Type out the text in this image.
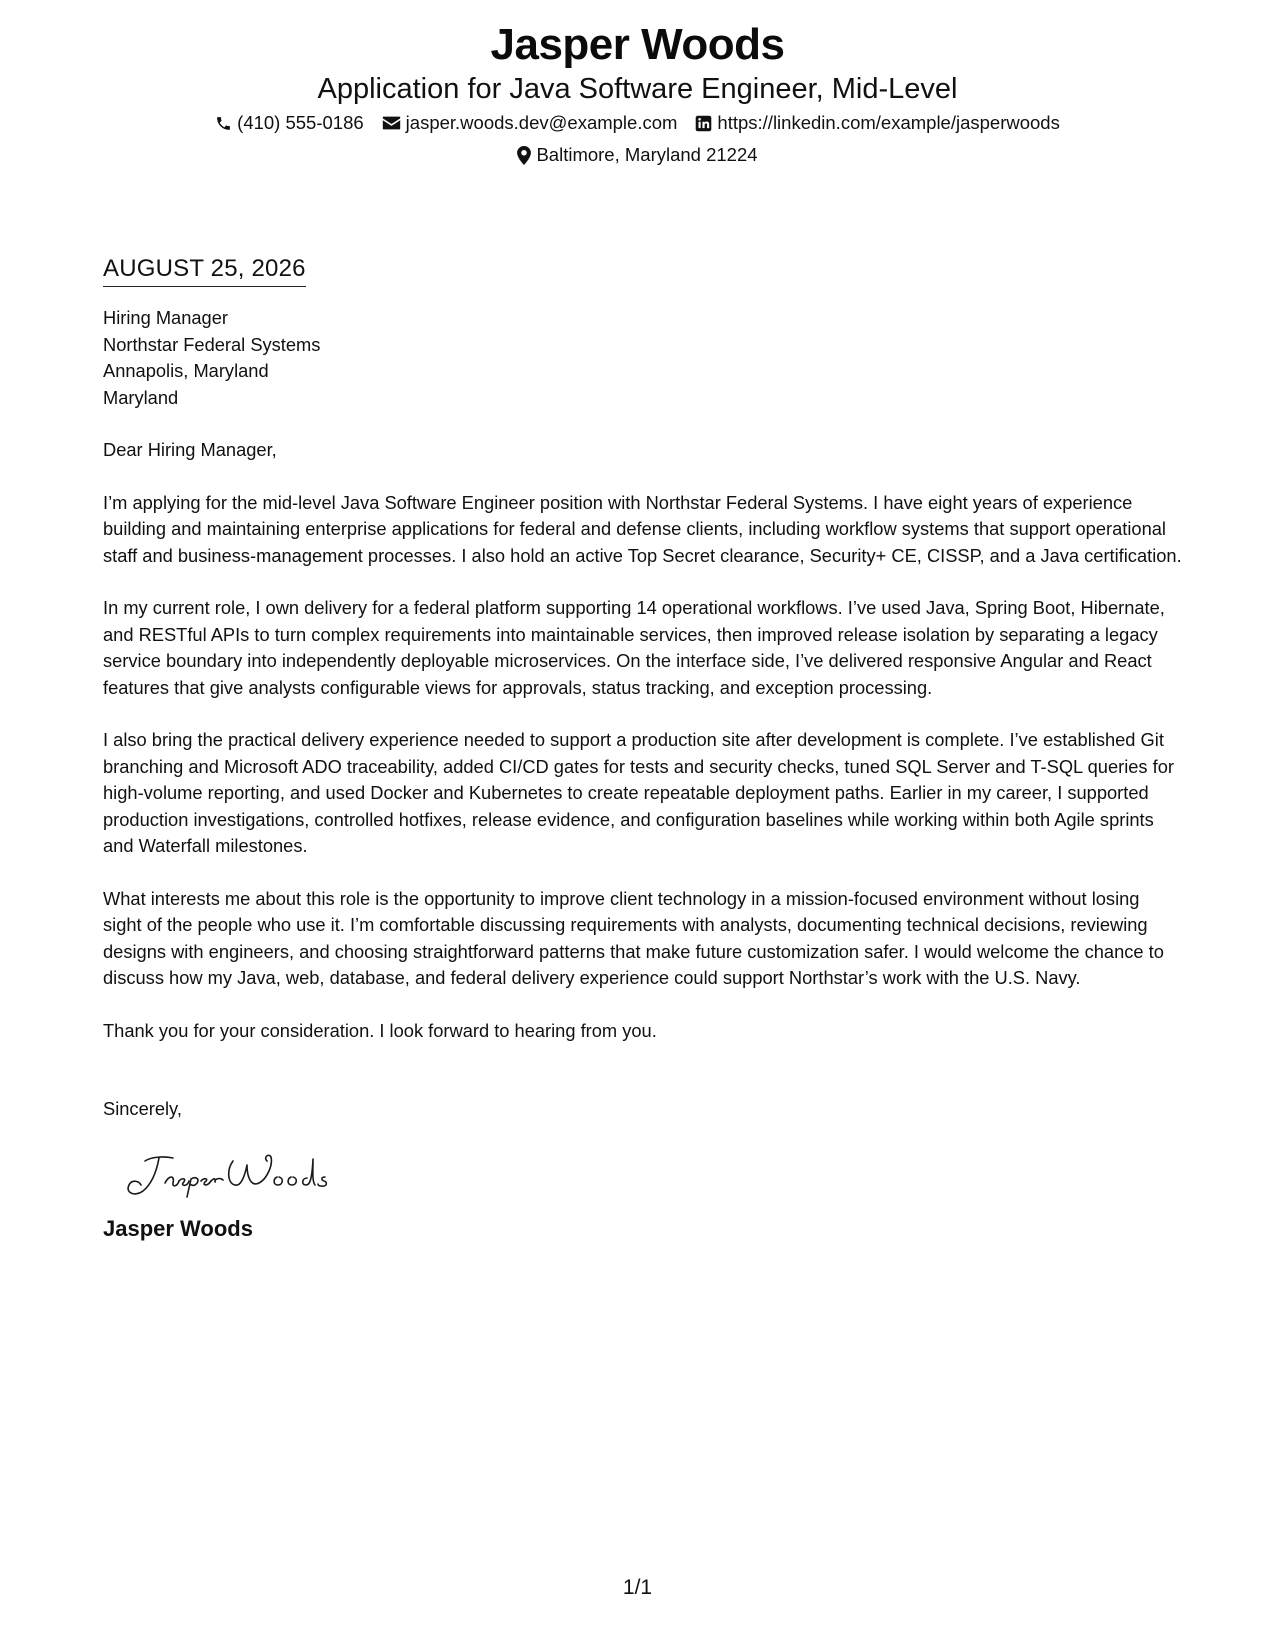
Jasper Woods
Application for Java Software Engineer, Mid-Level
(410) 555-0186 jasper.woods.dev@example.com https://linkedin.com/example/jasperwoods
Baltimore, Maryland 21224
AUGUST 25, 2026
Hiring Manager
Northstar Federal Systems
Annapolis, Maryland
Maryland
Dear Hiring Manager,
I’m applying for the mid-level Java Software Engineer position with Northstar Federal Systems. I have eight years of experience building and maintaining enterprise applications for federal and defense clients, including workflow systems that support operational staff and business-management processes. I also hold an active Top Secret clearance, Security+ CE, CISSP, and a Java certification.
In my current role, I own delivery for a federal platform supporting 14 operational workflows. I’ve used Java, Spring Boot, Hibernate, and RESTful APIs to turn complex requirements into maintainable services, then improved release isolation by separating a legacy service boundary into independently deployable microservices. On the interface side, I’ve delivered responsive Angular and React features that give analysts configurable views for approvals, status tracking, and exception processing.
I also bring the practical delivery experience needed to support a production site after development is complete. I’ve established Git branching and Microsoft ADO traceability, added CI/CD gates for tests and security checks, tuned SQL Server and T-SQL queries for high-volume reporting, and used Docker and Kubernetes to create repeatable deployment paths. Earlier in my career, I supported production investigations, controlled hotfixes, release evidence, and configuration baselines while working within both Agile sprints and Waterfall milestones.
What interests me about this role is the opportunity to improve client technology in a mission-focused environment without losing sight of the people who use it. I’m comfortable discussing requirements with analysts, documenting technical decisions, reviewing designs with engineers, and choosing straightforward patterns that make future customization safer. I would welcome the chance to discuss how my Java, web, database, and federal delivery experience could support Northstar’s work with the U.S. Navy.
Thank you for your consideration. I look forward to hearing from you.
Sincerely,
Jasper Woods
1/1
